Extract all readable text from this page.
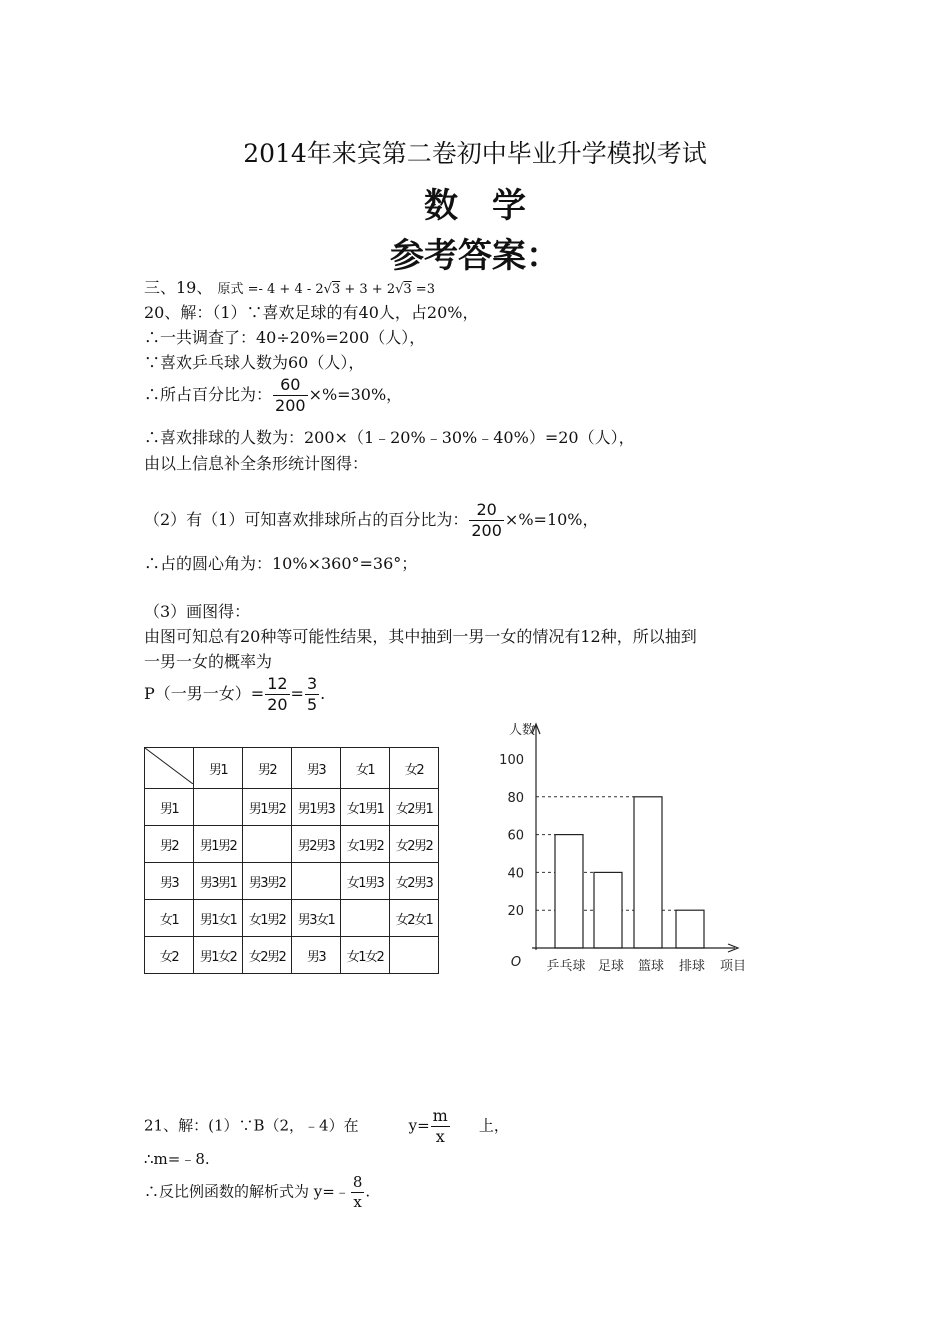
2014年来宾第二卷初中毕业升学模拟考试
数　学
参考答案：
三、19、 原式 =- 4 + 4 - 2√3 + 3 + 2√3 =3
20、解：（1）∵喜欢足球的有40人，占20%，
∴一共调查了：40÷20%=200（人），
∵喜欢乒乓球人数为60（人），
∴所占百分比为： $\frac{60}{200} \times\%=30\%$，
∴喜欢排球的人数为：200×（1﹣20%﹣30%﹣40%）=20（人），
由以上信息补全条形统计图得：
（2）有（1）可知喜欢排球所占的百分比为： $\frac{20}{200} \times\%=10\%$，
∴占的圆心角为：10%×360°=36°；
（3）画图得：
由图可知总有20种等可能性结果，其中抽到一男一女的情况有12种，所以抽到
一男一女的概率为
P（一男一女）= $\frac{12}{20} = \frac{3}{5}$ .
	男1	男2	男3	女1	女2
男1		男1男2	男1男3	女1男1	女2男1
男2	男1男2		男2男3	女1男2	女2男2
男3	男3男1	男3男2		女1男3	女2男3
女1	男1女1	女1男2	男3女1		女2女1
女2	男1女2	女2男2	男3	女1女2	
20
40
60
80
100
人数
O 乒乓球 足球 篮球 排球 项目
21、解：(1）∵B（2，﹣4）在	$y= \frac{m}{x}$ 上，
∴m=﹣8.
∴反比例函数的解析式为 y=﹣ $\frac{8}{x}$ .
